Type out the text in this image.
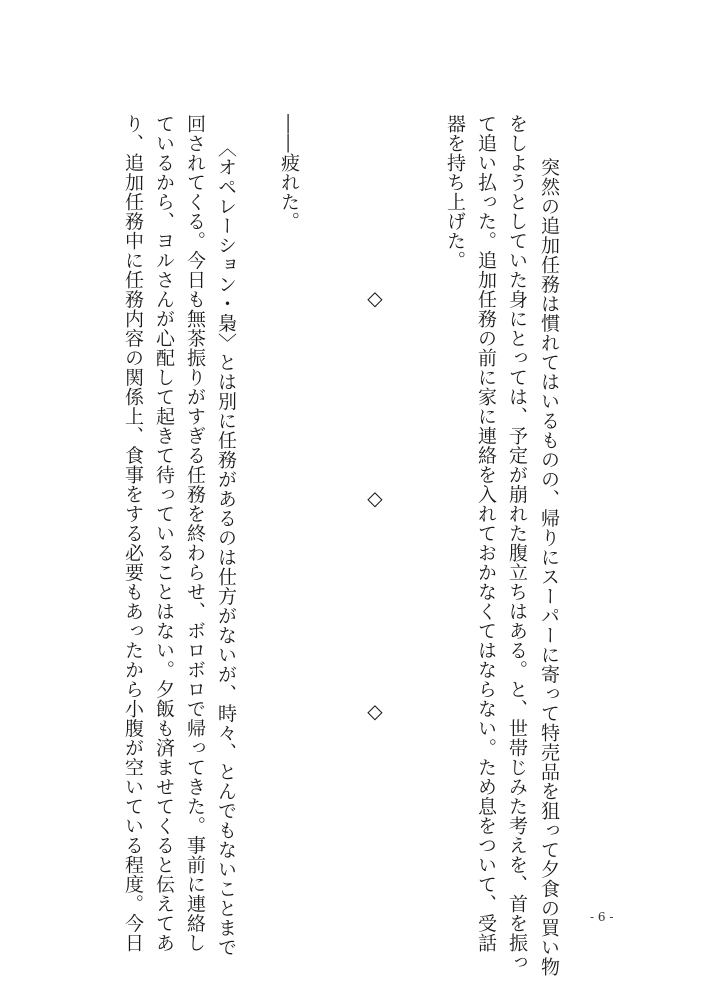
　突然の追加任務は慣れてはいるものの、帰りにスーパーに寄って特売品を狙って夕食の買い物
をしようとしていた身にとっては、予定が崩れた腹立ちはある。と、世帯じみた考えを、首を振っ
て追い払った。追加任務の前に家に連絡を入れておかなくてはならない。ため息をついて、受話
器を持ち上げた。
◇
◇
◇
――疲れた。
〈オペレーション・梟〉とは別に任務があるのは仕方がないが、時々、とんでもないことまで
回されてくる。今日も無茶振りがすぎる任務を終わらせ、ボロボロで帰ってきた。事前に連絡し
ているから、ヨルさんが心配して起きて待っていることはない。夕飯も済ませてくると伝えてあ
り、追加任務中に任務内容の関係上、食事をする必要もあったから小腹が空いている程度。今日	- 6 -
